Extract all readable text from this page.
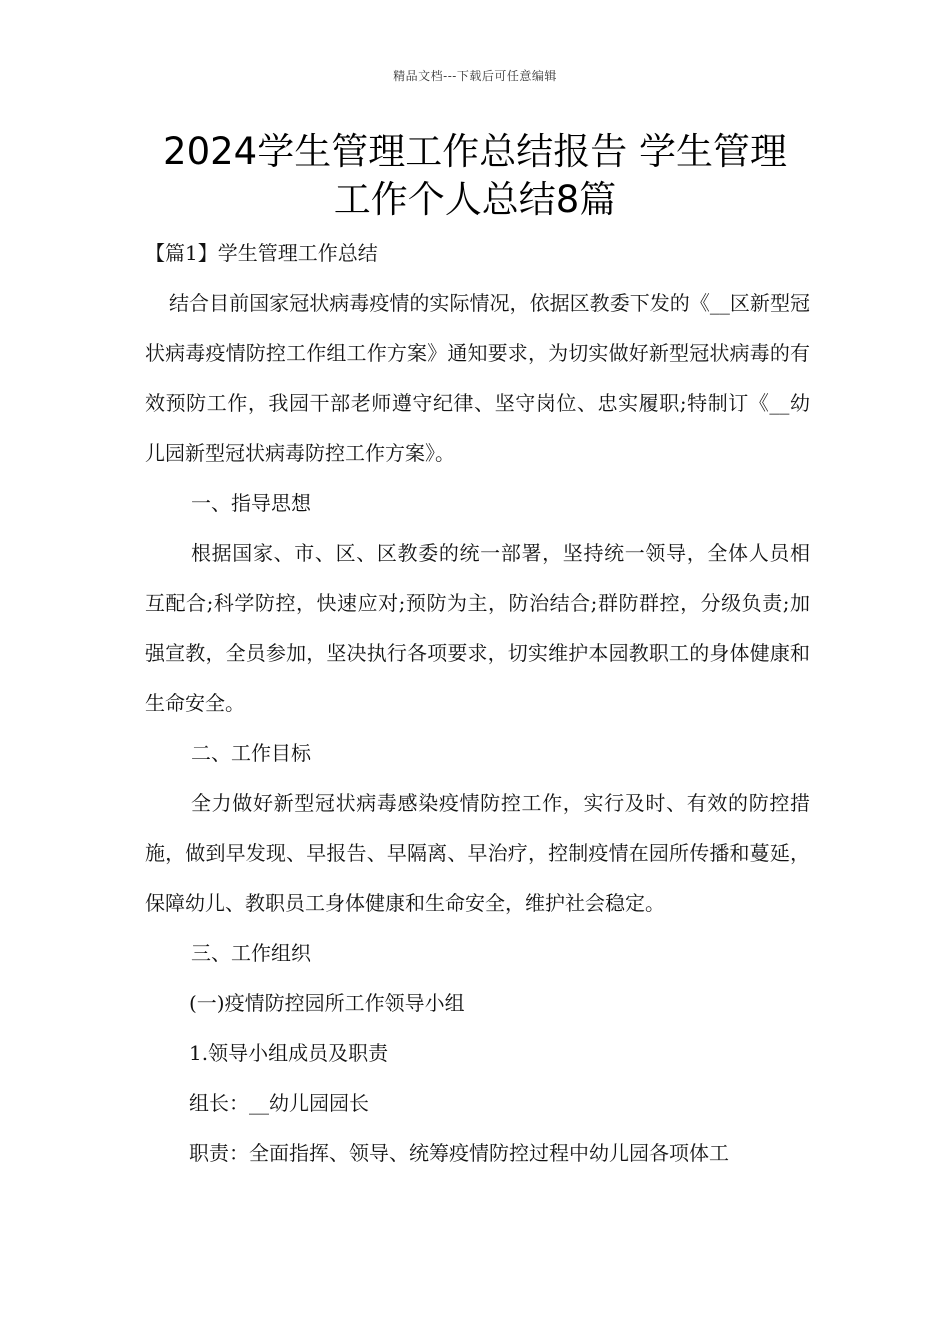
精品文档---下载后可任意编辑
2024学生管理工作总结报告 学生管理
工作个人总结8篇

【篇1】学生管理工作总结

结合目前国家冠状病毒疫情的实际情况，依据区教委下发的《__区新型冠状病毒疫情防控工作组工作方案》通知要求，为切实做好新型冠状病毒的有效预防工作，我园干部老师遵守纪律、坚守岗位、忠实履职;特制订《__幼儿园新型冠状病毒防控工作方案》。

一、指导思想

根据国家、市、区、区教委的统一部署，坚持统一领导，全体人员相互配合;科学防控，快速应对;预防为主，防治结合;群防群控，分级负责;加强宣教，全员参加，坚决执行各项要求，切实维护本园教职工的身体健康和生命安全。

二、工作目标

全力做好新型冠状病毒感染疫情防控工作，实行及时、有效的防控措施，做到早发现、早报告、早隔离、早治疗，控制疫情在园所传播和蔓延，保障幼儿、教职员工身体健康和生命安全，维护社会稳定。

三、工作组织

(一)疫情防控园所工作领导小组

1.领导小组成员及职责

组长：__幼儿园园长

职责：全面指挥、领导、统筹疫情防控过程中幼儿园各项体工
